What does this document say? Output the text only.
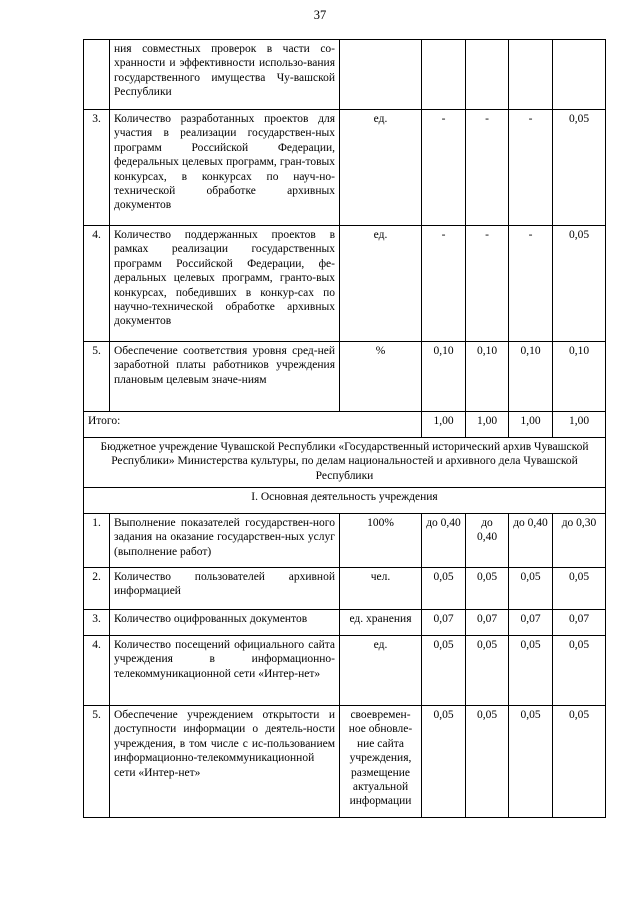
37
	ния совместных проверок в части со-хранности и эффективности использо-вания государственного имущества Чу-вашской Республики					
3.	Количество разработанных проектов для участия в реализации государствен-ных программ Российской Федерации, федеральных целевых программ, гран-товых конкурсах, в конкурсах по науч-но-технической обработке архивных документов	ед.	-	-	-	0,05
4.	Количество поддержанных проектов в рамках реализации государственных программ Российской Федерации, фе-деральных целевых программ, гранто-вых конкурсах, победивших в конкур-сах по научно-технической обработке архивных документов	ед.	-	-	-	0,05
5.	Обеспечение соответствия уровня сред-ней заработной платы работников учреждения плановым целевым значе-ниям	%	0,10	0,10	0,10	0,10
Итого:			1,00	1,00	1,00	1,00
Бюджетное учреждение Чувашской Республики «Государственный исторический архив Чувашской Республики» Министерства культуры, по делам национальностей и архивного дела Чувашской Республики						
I. Основная деятельность учреждения						
1.	Выполнение показателей государствен-ного задания на оказание государствен-ных услуг (выполнение работ)	100%	до 0,40	до 0,40	до 0,40	до 0,30
2.	Количество пользователей архивной информацией	чел.	0,05	0,05	0,05	0,05
3.	Количество оцифрованных документов	ед. хранения	0,07	0,07	0,07	0,07
4.	Количество посещений официального сайта учреждения в информационно-телекоммуникационной сети «Интер-нет»	ед.	0,05	0,05	0,05	0,05
5.	Обеспечение учреждением открытости и доступности информации о деятель-ности учреждения, в том числе с ис-пользованием информационно-телекоммуникационной сети «Интер-нет»	своевремен-ное обновле-ние сайта учреждения, размещение актуальной информации	0,05	0,05	0,05	0,05
